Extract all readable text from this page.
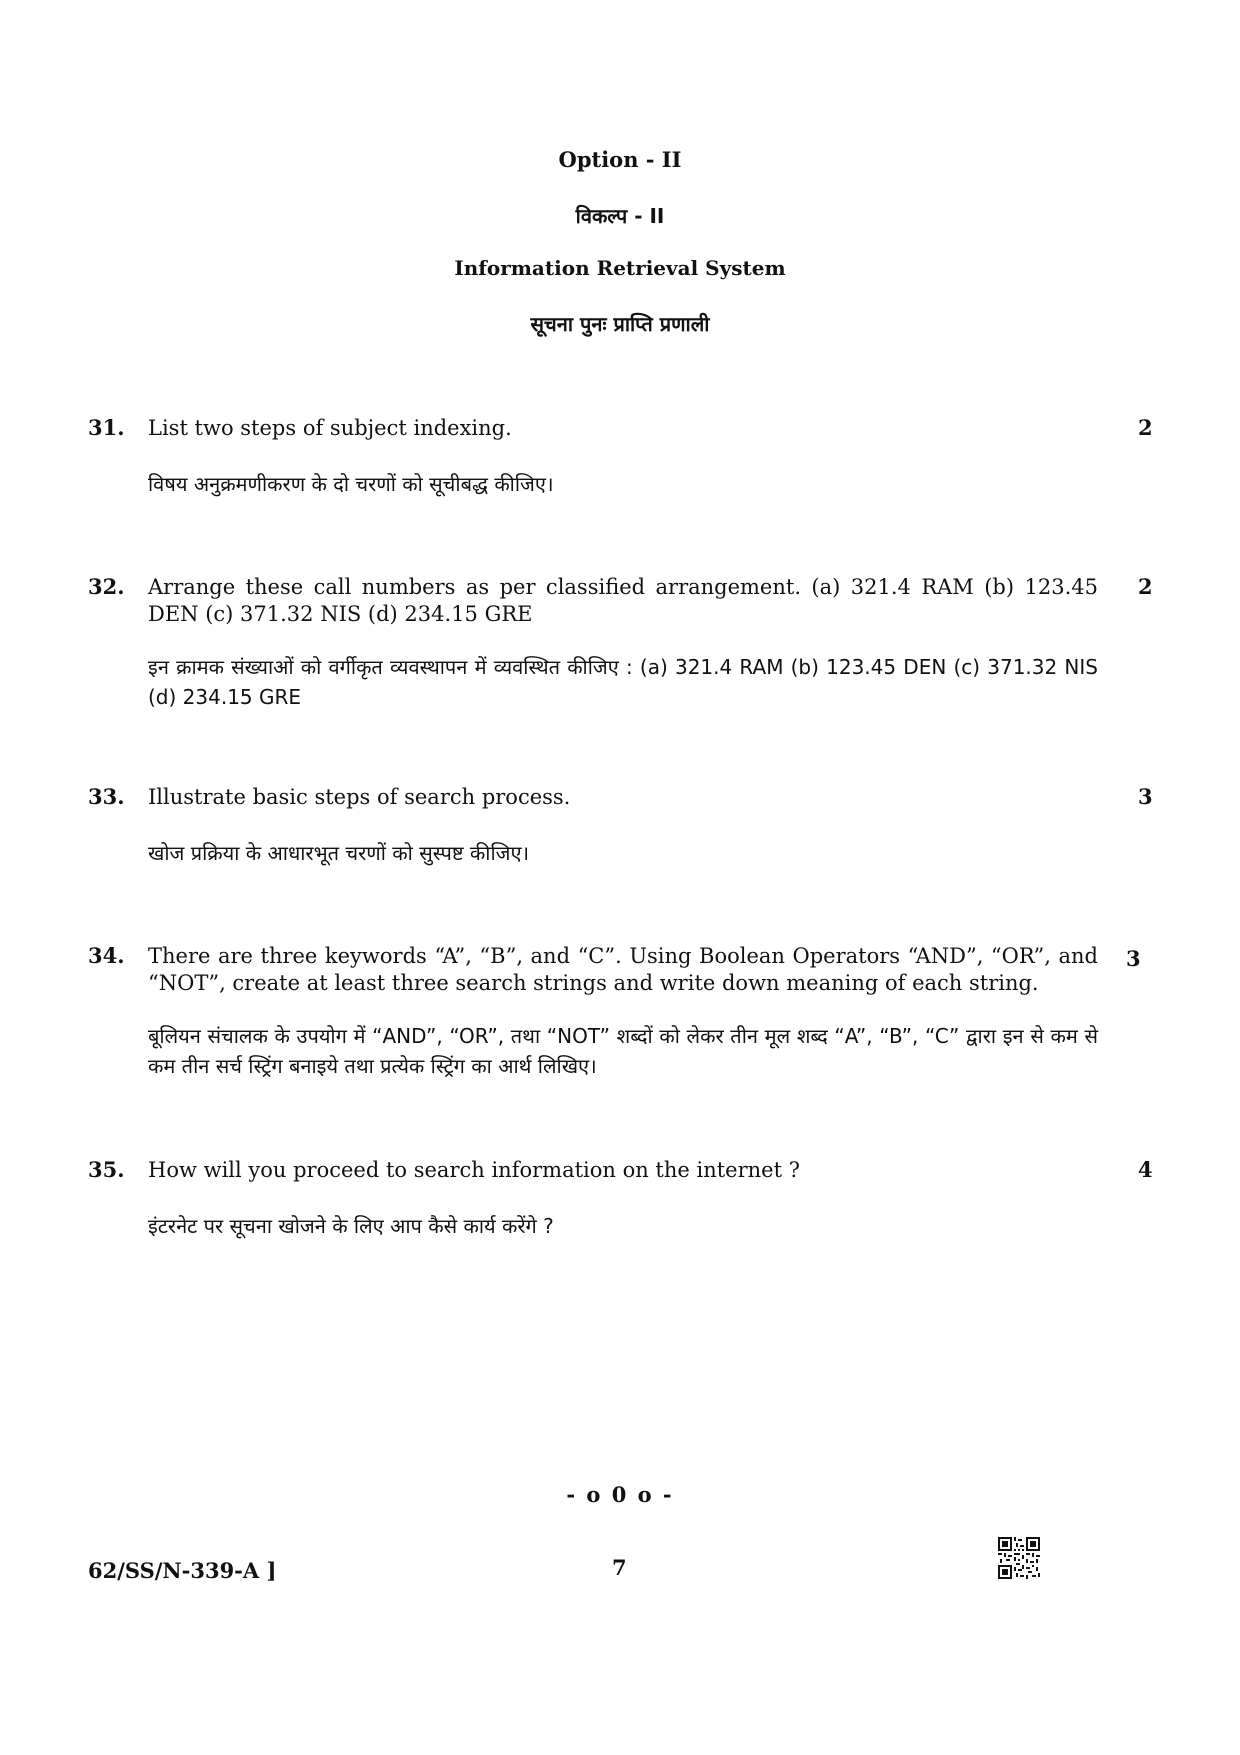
Option - II
विकल्प - II
Information Retrieval System
सूचना पुनः प्राप्ति प्रणाली
31. List two steps of subject indexing.
विषय अनुक्रमणीकरण के दो चरणों को सूचीबद्ध कीजिए।
2
32. Arrange these call numbers as per classified arrangement. (a) 321.4 RAM (b) 123.45 DEN (c) 371.32 NIS (d) 234.15 GRE
इन क्रामक संख्याओं को वर्गीकृत व्यवस्थापन में व्यवस्थित कीजिए : (a) 321.4 RAM (b) 123.45 DEN (c) 371.32 NIS (d) 234.15 GRE
2
33. Illustrate basic steps of search process.
खोज प्रक्रिया के आधारभूत चरणों को सुस्पष्ट कीजिए।
3
34. There are three keywords “A”, “B”, and “C”. Using Boolean Operators “AND”, “OR”, and “NOT”, create at least three search strings and write down meaning of each string.
बूलियन संचालक के उपयोग में “AND”, “OR”, तथा “NOT” शब्दों को लेकर तीन मूल शब्द “A”, “B”, “C” द्वारा इन से कम से कम तीन सर्च स्ट्रिंग बनाइये तथा प्रत्येक स्ट्रिंग का आर्थ लिखिए।
3
35. How will you proceed to search information on the internet ?
इंटरनेट पर सूचना खोजने के लिए आप कैसे कार्य करेंगे ?
4
- o 0 o -
62/SS/N-339-A ]	7
